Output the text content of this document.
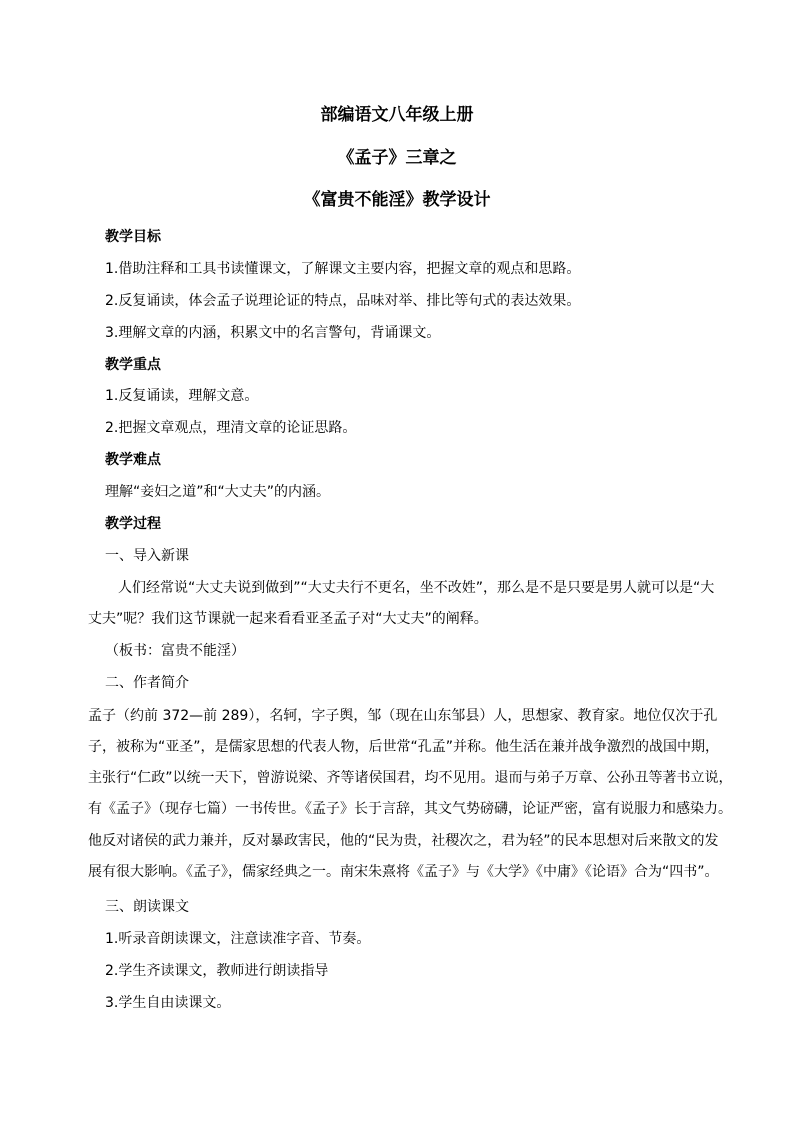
部编语文八年级上册
《孟子》三章之
《富贵不能淫》教学设计
教学目标
1.借助注释和工具书读懂课文，了解课文主要内容，把握文章的观点和思路。
2.反复诵读，体会孟子说理论证的特点，品味对举、排比等句式的表达效果。
3.理解文章的内涵，积累文中的名言警句，背诵课文。
教学重点
1.反复诵读，理解文意。
2.把握文章观点，理清文章的论证思路。
教学难点
理解“妾妇之道”和“大丈夫”的内涵。
教学过程
一、导入新课
人们经常说“大丈夫说到做到”“大丈夫行不更名，坐不改姓”，那么是不是只要是男人就可以是“大
丈夫”呢？我们这节课就一起来看看亚圣孟子对“大丈夫”的阐释。
（板书：富贵不能淫）
二、作者简介
孟子（约前 372—前 289），名轲，字子舆，邹（现在山东邹县）人，思想家、教育家。地位仅次于孔
子，被称为“亚圣”，是儒家思想的代表人物，后世常“孔孟”并称。他生活在兼并战争激烈的战国中期，
主张行“仁政”以统一天下，曾游说梁、齐等诸侯国君，均不见用。退而与弟子万章、公孙丑等著书立说，
有《孟子》（现存七篇）一书传世。《孟子》长于言辞，其文气势磅礴，论证严密，富有说服力和感染力。
他反对诸侯的武力兼并，反对暴政害民，他的“民为贵，社稷次之，君为轻”的民本思想对后来散文的发
展有很大影响。《孟子》，儒家经典之一。南宋朱熹将《孟子》与《大学》《中庸》《论语》合为“四书”。
三、朗读课文
1.听录音朗读课文，注意读准字音、节奏。
2.学生齐读课文，教师进行朗读指导
3.学生自由读课文。
